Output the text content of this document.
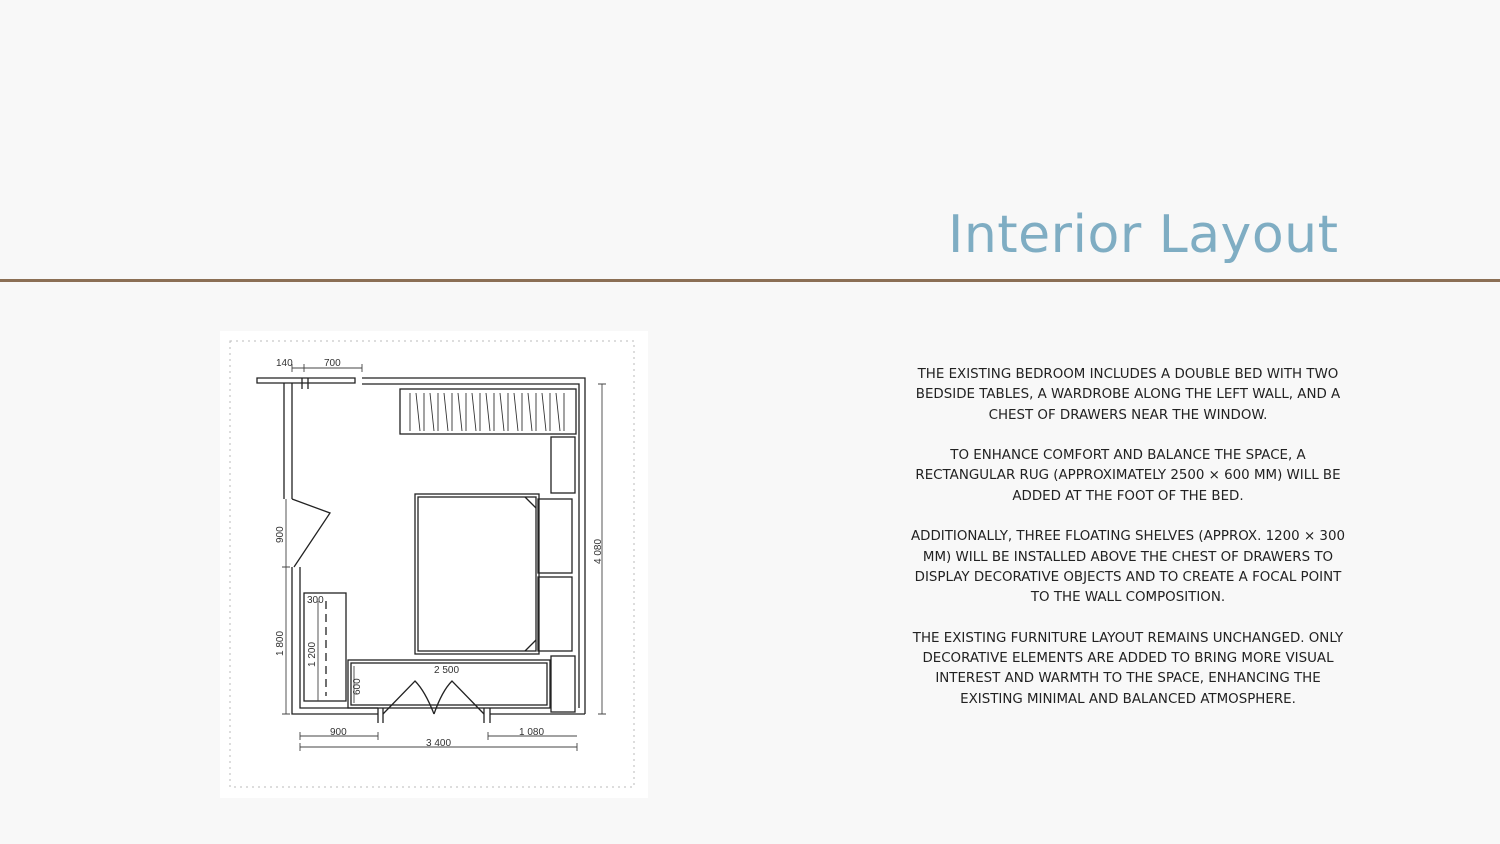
Interior Layout
140	700
900
1 800
300
1 200
4 080
2 500
600
900
3 400
1 080

THE EXISTING BEDROOM INCLUDES A DOUBLE BED WITH TWO BEDSIDE TABLES, A WARDROBE ALONG THE LEFT WALL, AND A CHEST OF DRAWERS NEAR THE WINDOW.

TO ENHANCE COMFORT AND BALANCE THE SPACE, A RECTANGULAR RUG (APPROXIMATELY 2500 × 600 MM) WILL BE ADDED AT THE FOOT OF THE BED.

ADDITIONALLY, THREE FLOATING SHELVES (APPROX. 1200 × 300 MM) WILL BE INSTALLED ABOVE THE CHEST OF DRAWERS TO DISPLAY DECORATIVE OBJECTS AND TO CREATE A FOCAL POINT TO THE WALL COMPOSITION.

THE EXISTING FURNITURE LAYOUT REMAINS UNCHANGED. ONLY DECORATIVE ELEMENTS ARE ADDED TO BRING MORE VISUAL INTEREST AND WARMTH TO THE SPACE, ENHANCING THE EXISTING MINIMAL AND BALANCED ATMOSPHERE.
